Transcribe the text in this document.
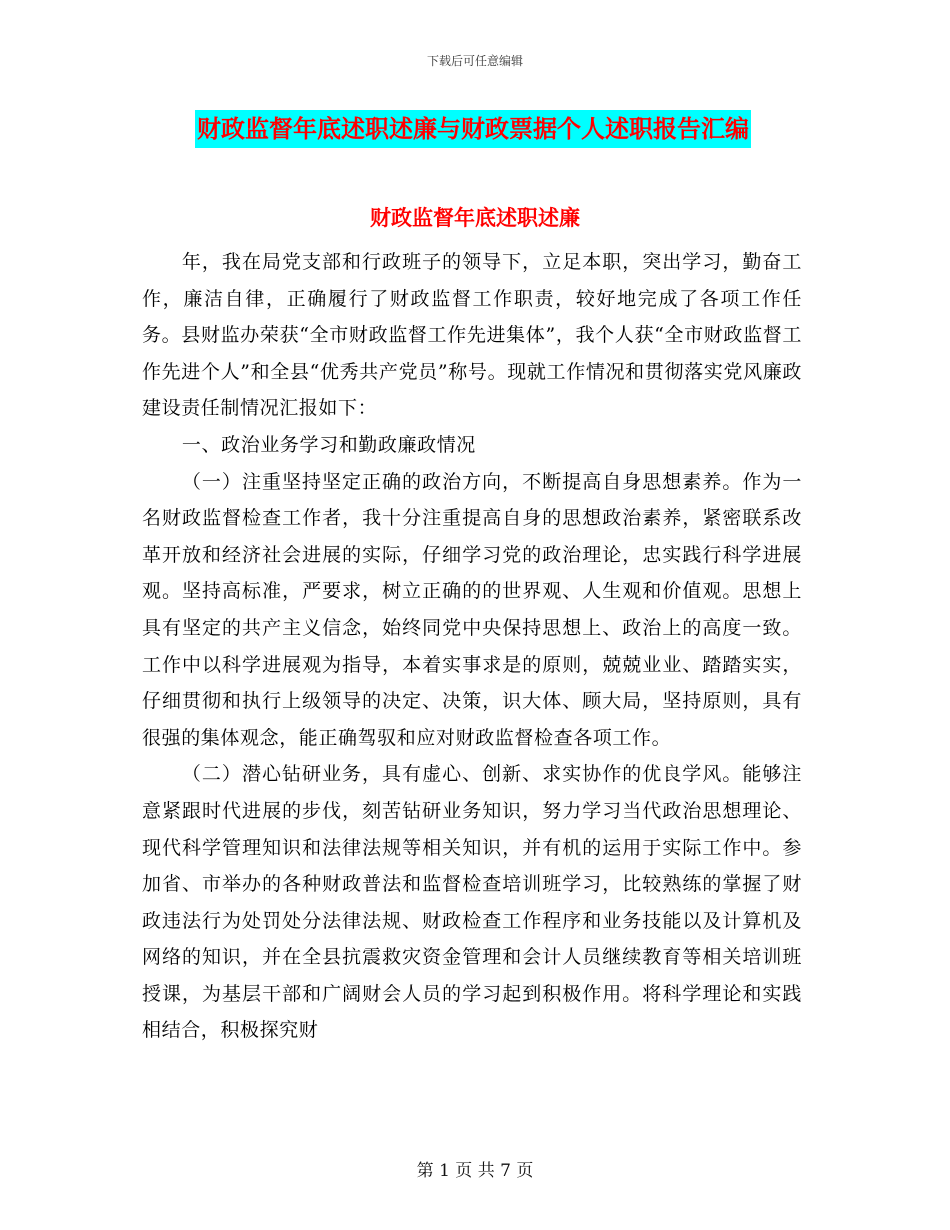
下载后可任意编辑
财政监督年底述职述廉与财政票据个人述职报告汇编
财政监督年底述职述廉

年，我在局党支部和行政班子的领导下，立足本职，突出学习，勤奋工作，廉洁自律，正确履行了财政监督工作职责，较好地完成了各项工作任务。县财监办荣获“全市财政监督工作先进集体”，我个人获“全市财政监督工作先进个人”和全县“优秀共产党员”称号。现就工作情况和贯彻落实党风廉政建设责任制情况汇报如下：

一、政治业务学习和勤政廉政情况

（一）注重坚持坚定正确的政治方向，不断提高自身思想素养。作为一名财政监督检查工作者，我十分注重提高自身的思想政治素养，紧密联系改革开放和经济社会进展的实际，仔细学习党的政治理论，忠实践行科学进展观。坚持高标准，严要求，树立正确的的世界观、人生观和价值观。思想上具有坚定的共产主义信念，始终同党中央保持思想上、政治上的高度一致。工作中以科学进展观为指导，本着实事求是的原则，兢兢业业、踏踏实实，仔细贯彻和执行上级领导的决定、决策，识大体、顾大局，坚持原则，具有很强的集体观念，能正确驾驭和应对财政监督检查各项工作。

（二）潜心钻研业务，具有虚心、创新、求实协作的优良学风。能够注意紧跟时代进展的步伐，刻苦钻研业务知识，努力学习当代政治思想理论、现代科学管理知识和法律法规等相关知识，并有机的运用于实际工作中。参加省、市举办的各种财政普法和监督检查培训班学习，比较熟练的掌握了财政违法行为处罚处分法律法规、财政检查工作程序和业务技能以及计算机及网络的知识，并在全县抗震救灾资金管理和会计人员继续教育等相关培训班授课，为基层干部和广阔财会人员的学习起到积极作用。将科学理论和实践相结合，积极探究财

第 1 页 共 7 页
